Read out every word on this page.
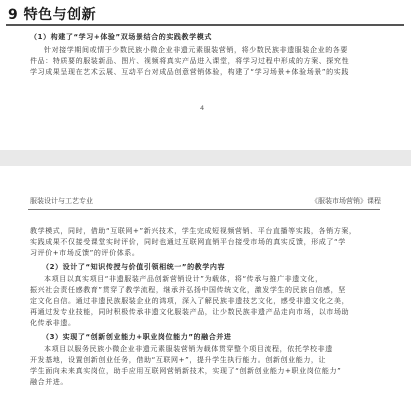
9 特色与创新
（1）构建了“学习+体验”双场景结合的实践教学模式
针对接学期间或情于少数民族小微企业非遗元素服装营销，将少数民族非遗服装企业的各要
件品：特质要的服装新品、图片、视频将真实产品进入课堂，将学习过程中形成的方案、探究性
学习成果呈现在艺术云展、互动平台对成品创意营销体验，构建了“学习场景+体验场景”的实践
4
服装设计与工艺专业	《服装市场营销》课程
教学模式，同时，借助“互联网+”新兴技术，学生完成短视频营销、平台直播等实践，各销方案，
实践成果不仅接受课堂实时评价，同时也通过互联网直销平台接受市场的真实反馈，形成了“学
习评价+市场反馈”的评价体系。
（2）设计了“知识传授与价值引领相统一”的教学内容
本项目以真实项目“非遗服装产品创新营销设计”为载体，将“传承与推广非遗文化，
振兴社会责任感教育”贯穿了教学流程，继承并弘扬中国传统文化，激发学生的民族自信感，坚
定文化自信。通过非遗民族服装企业的鸿项，深入了解民族非遗技艺文化，感受非遗文化之美，
再通过发专业技能，同时积极传承非遗文化服装产品，让少数民族非遗产品走向市场，以市场助
化传承非遗。
（3）实现了“创新创业能力+职业岗位能力”的融合并进
本项目以服务民族小微企业非遗元素服装营销为载体贯穿整个项目流程，依托学校非遗
开发基地，设置创新创业任务，借助“互联网+”，提升学生执行能力。创新创业能力，让
学生面向未来真实岗位，助手应用互联网营销新技术，实现了“创新创业能力+职业岗位能力”
融合并进。
